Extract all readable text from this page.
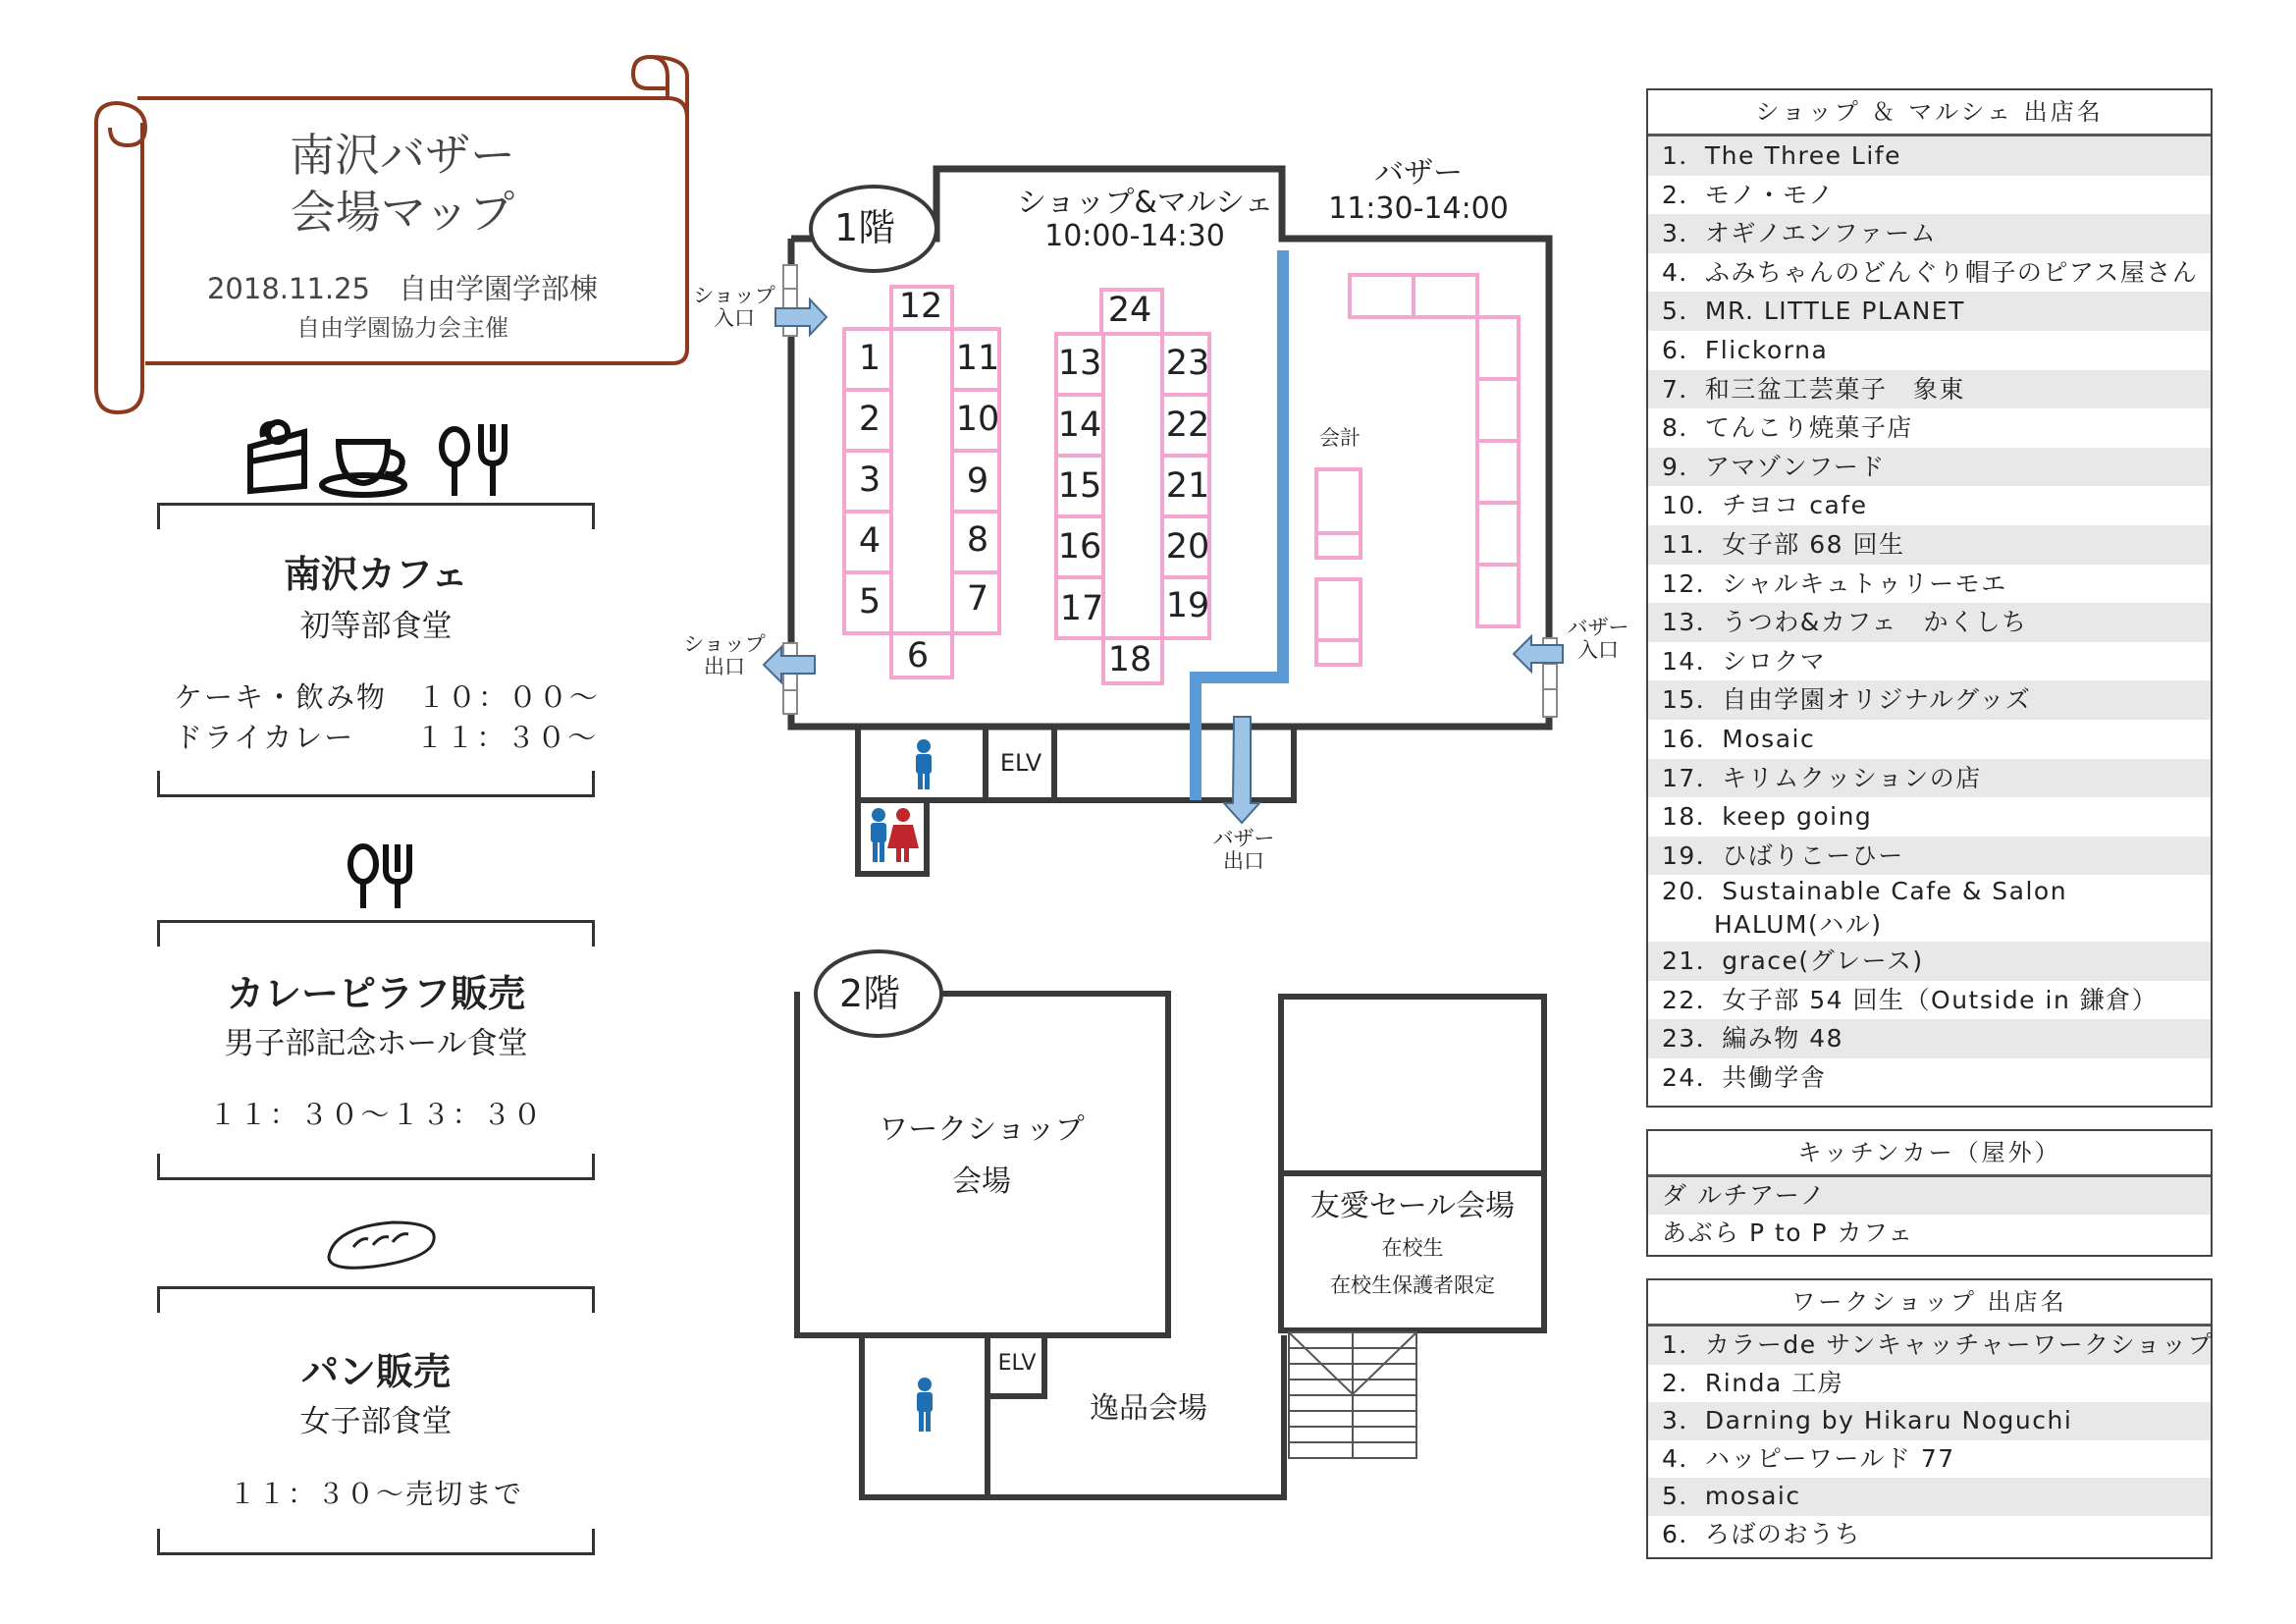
南沢バザー
会場マップ
2018.11.25　自由学園学部棟
自由学園協力会主催
南沢カフェ
初等部食堂
ケーキ・飲み物　１０：００～
ドライカレー　　１１：３０～
カレーピラフ販売
男子部記念ホール食堂
１１：３０～１３：３０
パン販売
女子部食堂
１１：３０～売切まで
1階
ショップ&マルシェ
10:00-14:30
バザー
11:30-14:00
ショップ
入口
ショップ
出口
バザー
入口
バザー
出口
会計
ELV
1
2
3
4
5
6
7
8
9
10
11
12
13
14
15
16
17
18
19
20
21
22
23
24
2階
ワークショップ
会場
友愛セール会場
在校生
在校生保護者限定
ELV
逸品会場
ショップ ＆ マルシェ 出店名
1．The Three Life
2．モノ・モノ
3．オギノエンファーム
4．ふみちゃんのどんぐり帽子のピアス屋さん
5．MR. LITTLE PLANET
6．Flickorna
7．和三盆工芸菓子　象東
8．てんこり焼菓子店
9．アマゾンフード
10．チヨコ cafe
11．女子部 68 回生
12．シャルキュトゥリーモエ
13．うつわ&カフェ　かくしち
14．シロクマ
15．自由学園オリジナルグッズ
16．Mosaic
17．キリムクッションの店
18．keep going
19．ひばりこーひー
20．Sustainable Cafe & Salon
　　HALUM(ハル)
21．grace(グレース)
22．女子部 54 回生（Outside in 鎌倉）
23．編み物 48
24．共働学舎
キッチンカー（屋外）
ダ ルチアーノ
あぶら P to P カフェ
ワークショップ 出店名
1．カラーde サンキャッチャーワークショップ
2．Rinda 工房
3．Darning by Hikaru Noguchi
4．ハッピーワールド 77
5．mosaic
6．ろばのおうち
